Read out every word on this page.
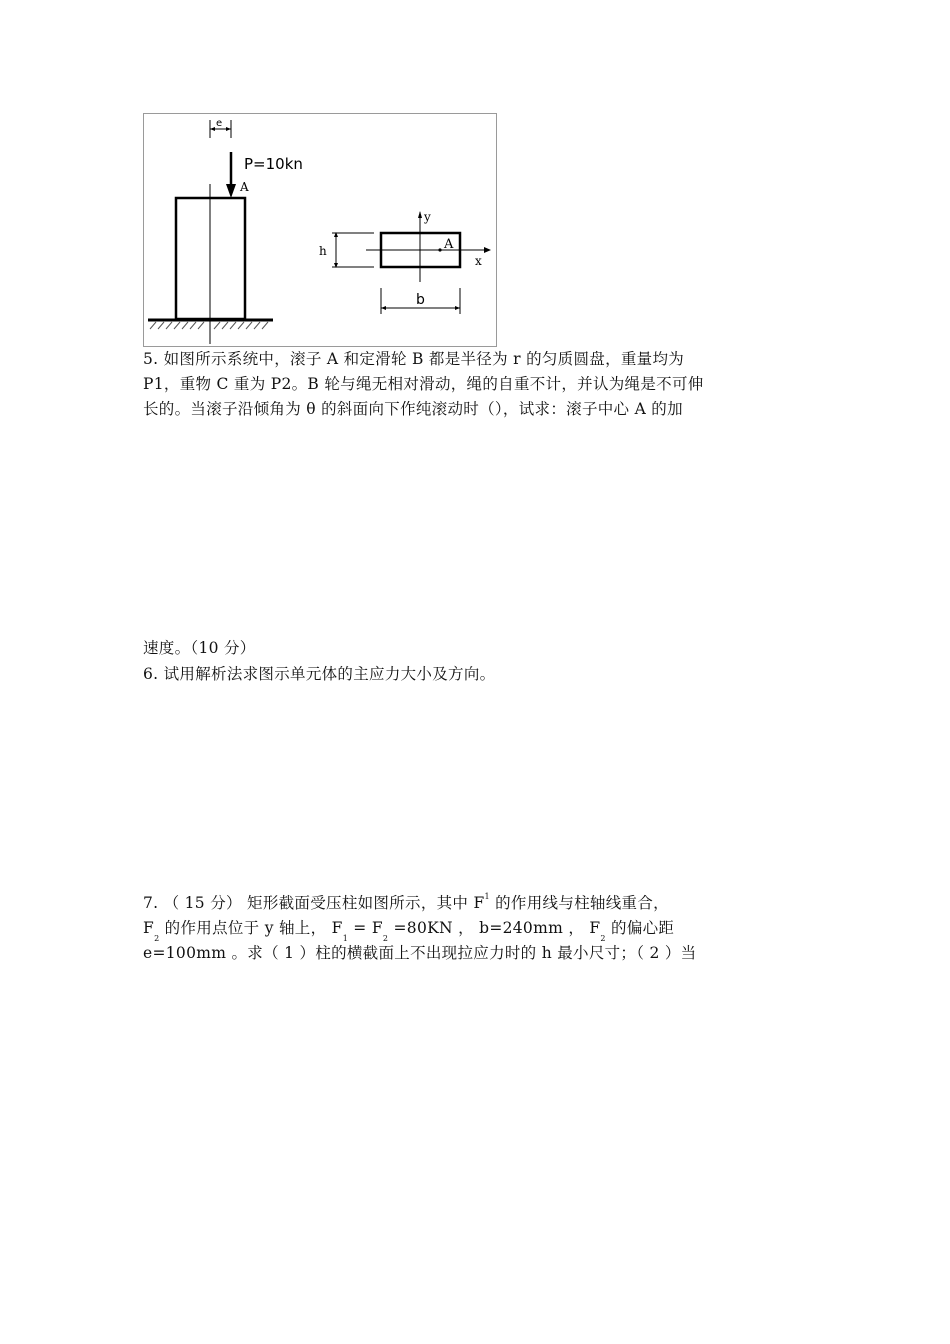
e
P=10kn
A
y
x
A
h
b
5. 如图所示系统中，滚子 A 和定滑轮 B 都是半径为 r 的匀质圆盘，重量均为
P1，重物 C 重为 P2。B 轮与绳无相对滑动，绳的自重不计，并认为绳是不可伸
长的。当滚子沿倾角为 θ 的斜面向下作纯滚动时（），试求：滚子中心 A 的加
速度。（10 分）
6. 试用解析法求图示单元体的主应力大小及方向。
7. （ 15 分） 矩形截面受压柱如图所示，其中 $F^1$ 的作用线与柱轴线重合，
$F_2$ 的作用点位于 y 轴上， $F_1 = F_2 =80KN$ ， b=240mm ， $F_2$ 的偏心距
e=100mm 。求（ 1 ）柱的横截面上不出现拉应力时的 h 最小尺寸；（ 2 ）当
